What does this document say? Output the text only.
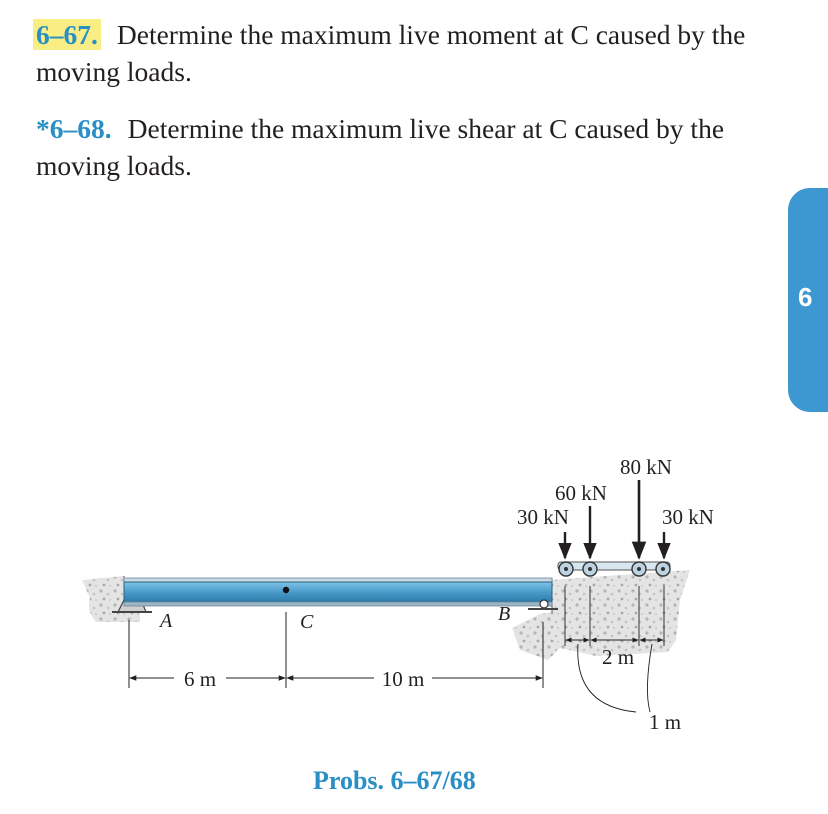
6–67. Determine the maximum live moment at C caused by the moving loads.

*6–68. Determine the maximum live shear at C caused by the moving loads.

6
80 kN
60 kN
30 kN	30 kN
A	C	B
6 m	10 m
2 m
1 m
Probs. 6–67/68
